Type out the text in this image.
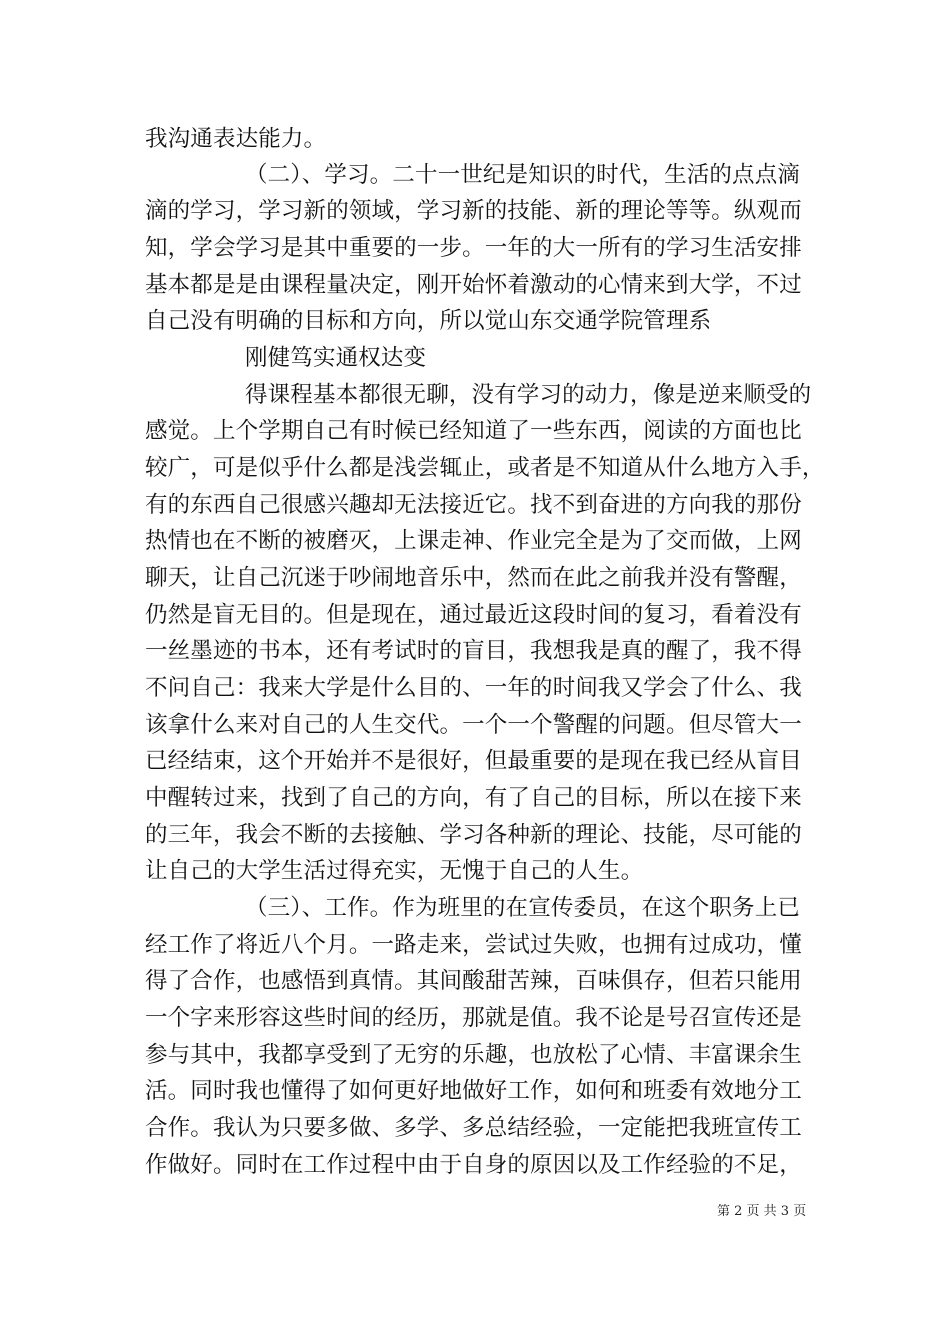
我沟通表达能力。
（二）、学习。二十一世纪是知识的时代，生活的点点滴
滴的学习，学习新的领域，学习新的技能、新的理论等等。纵观而
知，学会学习是其中重要的一步。一年的大一所有的学习生活安排
基本都是是由课程量决定，刚开始怀着激动的心情来到大学，不过
自己没有明确的目标和方向，所以觉山东交通学院管理系
刚健笃实通权达变
得课程基本都很无聊，没有学习的动力，像是逆来顺受的
感觉。上个学期自己有时候已经知道了一些东西，阅读的方面也比
较广，可是似乎什么都是浅尝辄止，或者是不知道从什么地方入手，
有的东西自己很感兴趣却无法接近它。找不到奋进的方向我的那份
热情也在不断的被磨灭，上课走神、作业完全是为了交而做，上网
聊天，让自己沉迷于吵闹地音乐中，然而在此之前我并没有警醒，
仍然是盲无目的。但是现在，通过最近这段时间的复习，看着没有
一丝墨迹的书本，还有考试时的盲目，我想我是真的醒了，我不得
不问自己：我来大学是什么目的、一年的时间我又学会了什么、我
该拿什么来对自己的人生交代。一个一个警醒的问题。但尽管大一
已经结束，这个开始并不是很好，但最重要的是现在我已经从盲目
中醒转过来，找到了自己的方向，有了自己的目标，所以在接下来
的三年，我会不断的去接触、学习各种新的理论、技能，尽可能的
让自己的大学生活过得充实，无愧于自己的人生。
（三）、工作。作为班里的在宣传委员，在这个职务上已
经工作了将近八个月。一路走来，尝试过失败，也拥有过成功，懂
得了合作，也感悟到真情。其间酸甜苦辣，百味俱存，但若只能用
一个字来形容这些时间的经历，那就是值。我不论是号召宣传还是
参与其中，我都享受到了无穷的乐趣，也放松了心情、丰富课余生
活。同时我也懂得了如何更好地做好工作，如何和班委有效地分工
合作。我认为只要多做、多学、多总结经验，一定能把我班宣传工
作做好。同时在工作过程中由于自身的原因以及工作经验的不足，
第 2 页 共 3 页
